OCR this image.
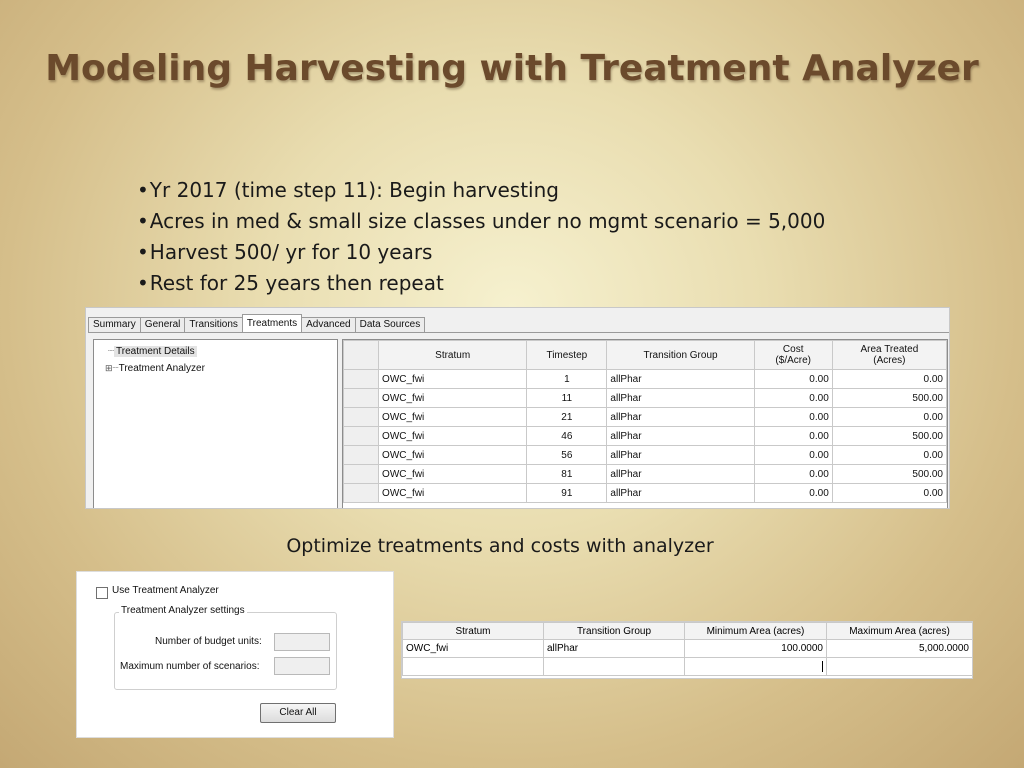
Modeling Harvesting with Treatment Analyzer
•Yr 2017 (time step 11): Begin harvesting
•Acres in med & small size classes under no mgmt scenario = 5,000
•Harvest 500/ yr for 10 years
•Rest for 25 years then repeat
Summary General Transitions Treatments Advanced Data Sources
┈ Treatment Details
⊞┈Treatment Analyzer
	Stratum	Timestep	Transition Group	Cost
($/Acre)	Area Treated
(Acres)
	OWC_fwi	1	allPhar	0.00	0.00
	OWC_fwi	11	allPhar	0.00	500.00
	OWC_fwi	21	allPhar	0.00	0.00
	OWC_fwi	46	allPhar	0.00	500.00
	OWC_fwi	56	allPhar	0.00	0.00
	OWC_fwi	81	allPhar	0.00	500.00
	OWC_fwi	91	allPhar	0.00	0.00
Optimize treatments and costs with analyzer
Use Treatment Analyzer
Treatment Analyzer settings
Number of budget units:
Maximum number of scenarios:
Clear All
Stratum	Transition Group	Minimum Area (acres)	Maximum Area (acres)
OWC_fwi	allPhar	100.0000	5,000.0000
